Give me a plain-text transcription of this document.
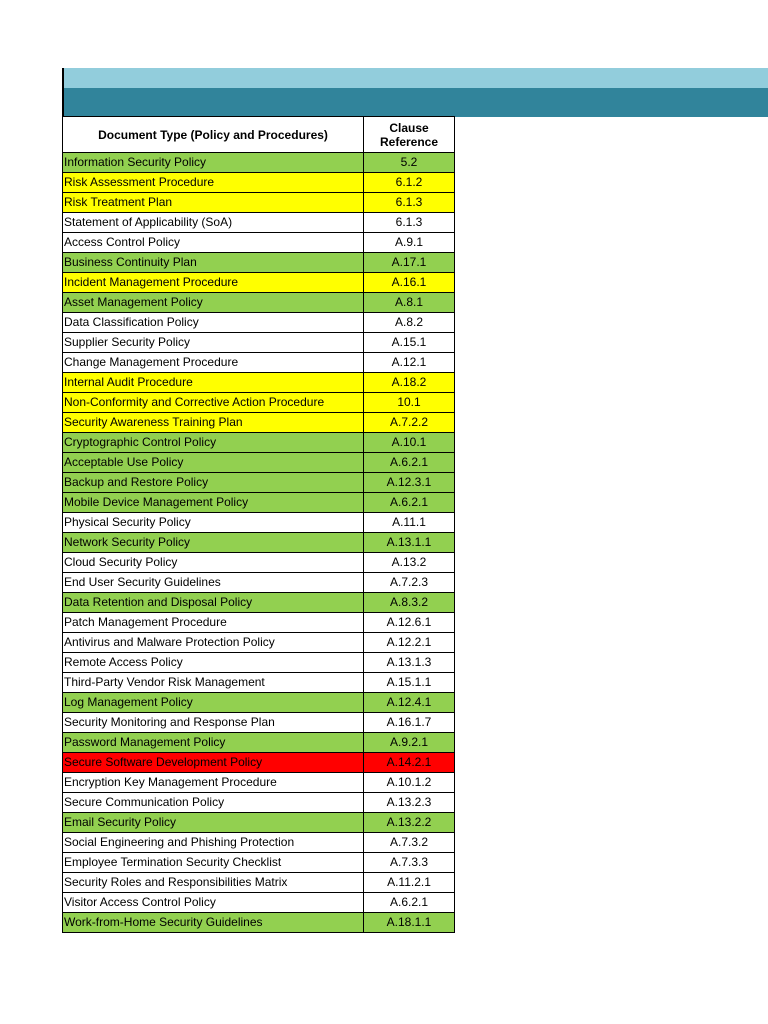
Document Type (Policy and Procedures)	Clause Reference
Information Security Policy	5.2
Risk Assessment Procedure	6.1.2
Risk Treatment Plan	6.1.3
Statement of Applicability (SoA)	6.1.3
Access Control Policy	A.9.1
Business Continuity Plan	A.17.1
Incident Management Procedure	A.16.1
Asset Management Policy	A.8.1
Data Classification Policy	A.8.2
Supplier Security Policy	A.15.1
Change Management Procedure	A.12.1
Internal Audit Procedure	A.18.2
Non-Conformity and Corrective Action Procedure	10.1
Security Awareness Training Plan	A.7.2.2
Cryptographic Control Policy	A.10.1
Acceptable Use Policy	A.6.2.1
Backup and Restore Policy	A.12.3.1
Mobile Device Management Policy	A.6.2.1
Physical Security Policy	A.11.1
Network Security Policy	A.13.1.1
Cloud Security Policy	A.13.2
End User Security Guidelines	A.7.2.3
Data Retention and Disposal Policy	A.8.3.2
Patch Management Procedure	A.12.6.1
Antivirus and Malware Protection Policy	A.12.2.1
Remote Access Policy	A.13.1.3
Third-Party Vendor Risk Management	A.15.1.1
Log Management Policy	A.12.4.1
Security Monitoring and Response Plan	A.16.1.7
Password Management Policy	A.9.2.1
Secure Software Development Policy	A.14.2.1
Encryption Key Management Procedure	A.10.1.2
Secure Communication Policy	A.13.2.3
Email Security Policy	A.13.2.2
Social Engineering and Phishing Protection	A.7.3.2
Employee Termination Security Checklist	A.7.3.3
Security Roles and Responsibilities Matrix	A.11.2.1
Visitor Access Control Policy	A.6.2.1
Work-from-Home Security Guidelines	A.18.1.1
